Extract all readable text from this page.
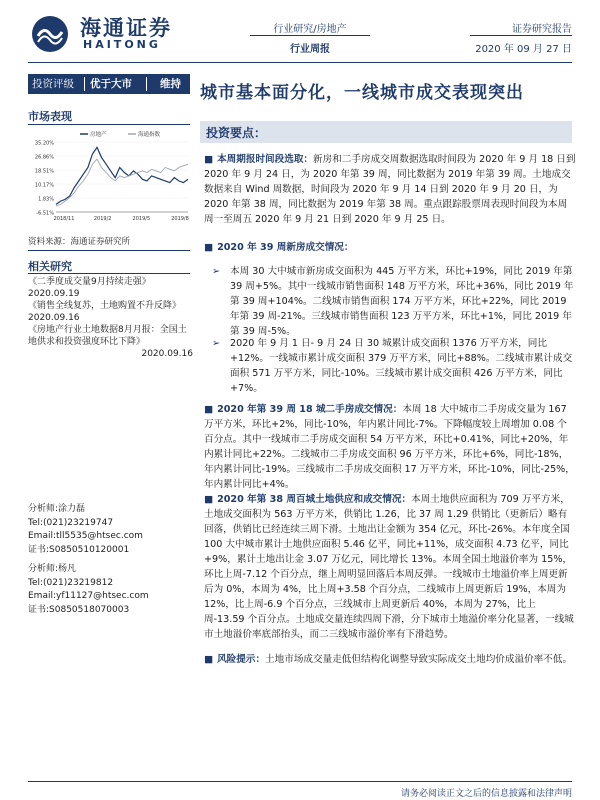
海通证券
HAITONG
行业研究/房地产
行业周报
证券研究报告
2020 年 09 月 27 日
投资评级 优于大市	维持
市场表现
35.20%
26.86%
18.51%
10.17%
1.83%
-6.51%
2018/11	2019/2	2019/5	2019/8
房地产	海通指数
资料来源：海通证券研究所
相关研究
《二季度成交量9月持续走强》
2020.09.19
《销售全线复苏，土地购置不升反降》
2020.09.16
《房地产行业土地数据8月月报：全国土地供求和投资强度环比下降》
2020.09.16
分析师:涂力磊
Tel:(021)23219747
Email:tll5535@htsec.com
证书:S0850510120001
分析师:杨凡
Tel:(021)23219812
Email:yf11127@htsec.com
证书:S0850518070003
城市基本面分化，一线城市成交表现突出
投资要点：
■ 本周期报时间段选取：新房和二手房成交周数据选取时间段为 2020 年 9 月 18 日到 2020 年 9 月 24 日，为 2020 年第 39 周，同比数据为 2019 年第 39 周。土地成交数据来自 Wind 周数据，时间段为 2020 年 9 月 14 日到 2020 年 9 月 20 日，为 2020 年第 38 周，同比数据为 2019 年第 38 周。重点跟踪股票周表现时间段为本周周一至周五 2020 年 9 月 21 日到 2020 年 9 月 25 日。
■ 2020 年 39 周新房成交情况：
➢ 本周 30 大中城市新房成交面积为 445 万平方米，环比+19%，同比 2019 年第 39 周+5%。其中一线城市销售面积 148 万平方米，环比+36%，同比 2019 年第 39 周+104%。二线城市销售面积 174 万平方米，环比+22%，同比 2019 年第 39 周-21%。三线城市销售面积 123 万平方米，环比+1%，同比 2019 年第 39 周-5%。
➢ 2020 年 9 月 1 日- 9 月 24 日 30 城累计成交面积 1376 万平方米，同比+12%。一线城市累计成交面积 379 万平方米，同比+88%。二线城市累计成交面积 571 万平方米，同比-10%。三线城市累计成交面积 426 万平方米，同比+7%。
■ 2020 年第 39 周 18 城二手房成交情况：本周 18 大中城市二手房成交量为 167 万平方米，环比+2%，同比-10%，年内累计同比-7%。下降幅度较上周增加 0.08 个百分点。其中一线城市二手房成交面积 54 万平方米，环比+0.41%，同比+20%，年内累计同比+22%。二线城市二手房成交面积 96 万平方米，环比+6%，同比-18%，年内累计同比-19%。三线城市二手房成交面积 17 万平方米，环比-10%，同比-25%，年内累计同比+4%。
■ 2020 年第 38 周百城土地供应和成交情况：本周土地供应面积为 709 万平方米，土地成交面积为 563 万平方米，供销比 1.26，比 37 周 1.29 供销比（更新后）略有回落，供销比已经连续三周下滑。土地出让金额为 354 亿元，环比-26%。本年度全国 100 大中城市累计土地供应面积 5.46 亿平，同比+11%，成交面积 4.73 亿平，同比+9%，累计土地出让金 3.07 万亿元，同比增长 13%。本周全国土地溢价率为 15%，环比上周-7.12 个百分点，继上周明显回落后本周反弹。一线城市土地溢价率上周更新后为 0%，本周为 4%，比上周+3.58 个百分点，二线城市上周更新后 19%，本周为 12%，比上周-6.9 个百分点，三线城市上周更新后 40%，本周为 27%，比上周-13.59 个百分点。土地成交量连续四周下滑，分下城市土地溢价率分化显著，一线城市土地溢价率底部抬头，而二三线城市溢价率有下滑趋势。
■ 风险提示：土地市场成交量走低但结构化调整导致实际成交土地均价成溢价率不低。
请务必阅读正文之后的信息披露和法律声明
